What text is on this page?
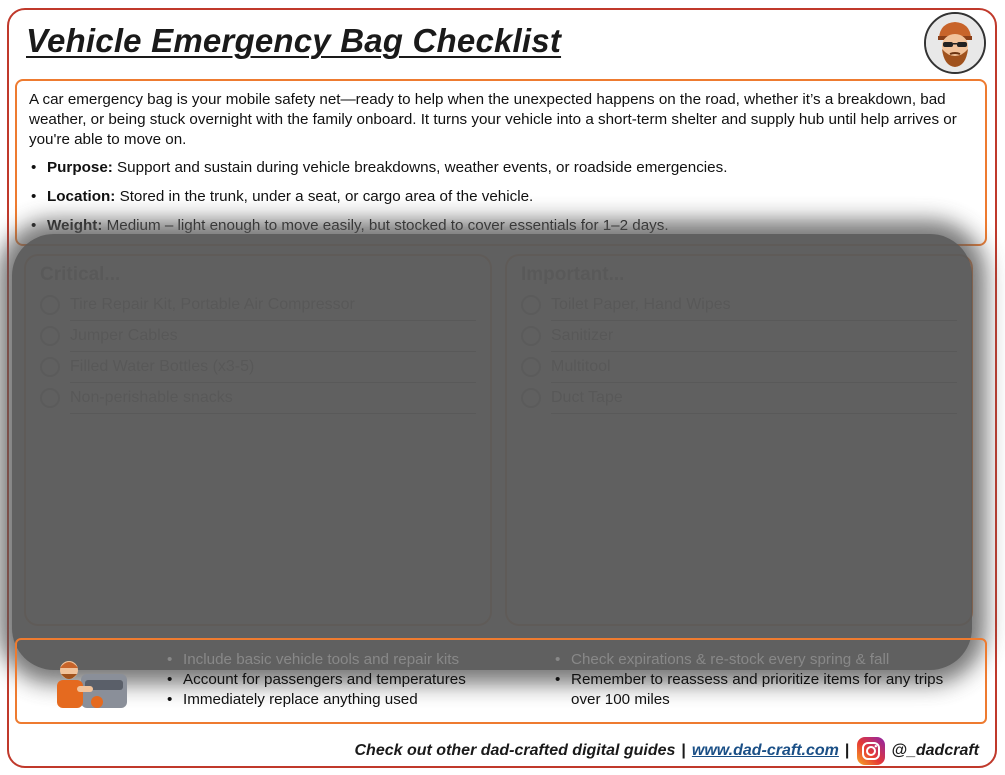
Vehicle Emergency Bag Checklist

A car emergency bag is your mobile safety net—ready to help when the unexpected happens on the road, whether it’s a breakdown, bad weather, or being stuck overnight with the family onboard. It turns your vehicle into a short-term shelter and supply hub until help arrives or you're able to move on.

• Purpose: Support and sustain during vehicle breakdowns, weather events, or roadside emergencies.
• Location: Stored in the trunk, under a seat, or cargo area of the vehicle.
• Weight: Medium – light enough to move easily, but stocked to cover essentials for 1–2 days.
• Include basic vehicle tools and repair kits
• Account for passengers and temperatures
• Immediately replace anything used
• Check expirations & re-stock every spring & fall
• Remember to reassess and prioritize items for any trips over 100 miles
Check out other dad-crafted digital guides | www.dad-craft.com |	@_dadcraft
